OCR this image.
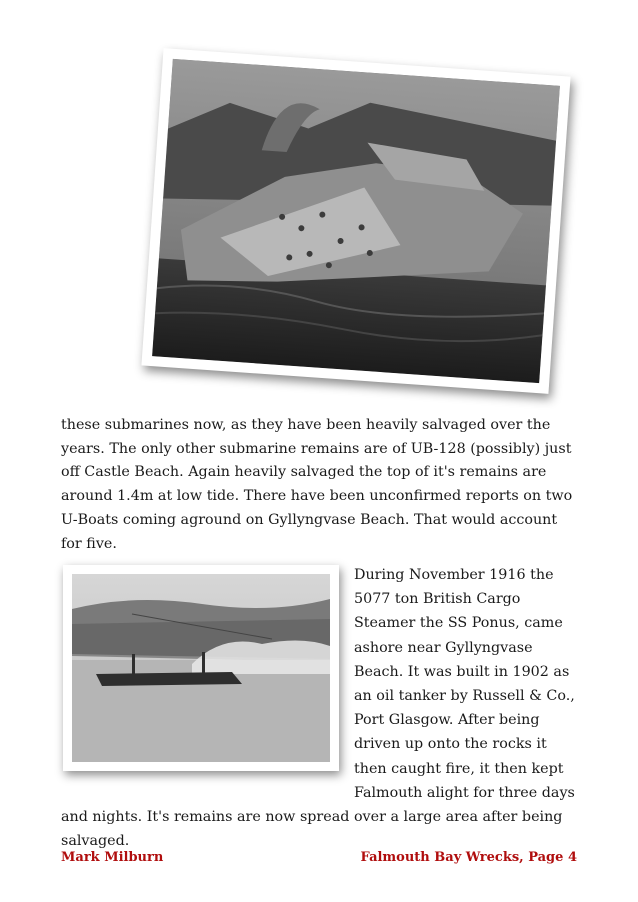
these submarines now, as they have been heavily salvaged over the years. The only other submarine remains are of UB-128 (possibly) just off Castle Beach. Again heavily salvaged the top of it's remains are around 1.4m at low tide. There have been unconfirmed reports on two U-Boats coming aground on Gyllyngvase Beach. That would account for five.

During November 1916 the 5077 ton British Cargo Steamer the SS Ponus, came ashore near Gyllyngvase Beach. It was built in 1902 as an oil tanker by Russell & Co., Port Glasgow. After being driven up onto the rocks it then caught fire, it then kept Falmouth alight for three days and nights. It's remains are now spread over a large area after being salvaged.
Mark Milburn	Falmouth Bay Wrecks, Page 4
